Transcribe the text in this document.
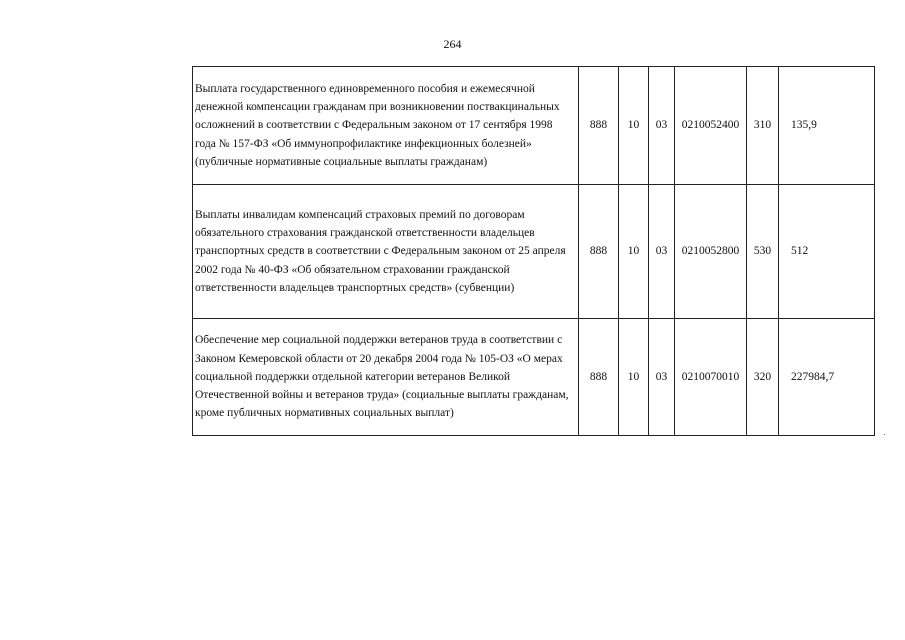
264
Выплата государственного единовременного пособия и ежемесячной денежной компенсации гражданам при возникновении поствакцинальных осложнений в соответствии с Федеральным законом от 17 сентября 1998 года № 157-ФЗ «Об иммунопрофилактике инфекционных болезней» (публичные нормативные социальные выплаты гражданам)	888	10	03	0210052400	310	135,9
Выплаты инвалидам компенсаций страховых премий по договорам обязательного страхования гражданской ответственности владельцев транспортных средств в соответствии с Федеральным законом от 25 апреля 2002 года № 40-ФЗ «Об обязательном страховании гражданской ответственности владельцев транспортных средств» (субвенции)	888	10	03	0210052800	530	512
Обеспечение мер социальной поддержки ветеранов труда в соответствии с Законом Кемеровской области от 20 декабря 2004 года № 105-ОЗ «О мерах социальной поддержки отдельной категории ветеранов Великой Отечественной войны и ветеранов труда» (социальные выплаты гражданам, кроме публичных нормативных социальных выплат)	888	10	03	0210070010	320	227984,7
